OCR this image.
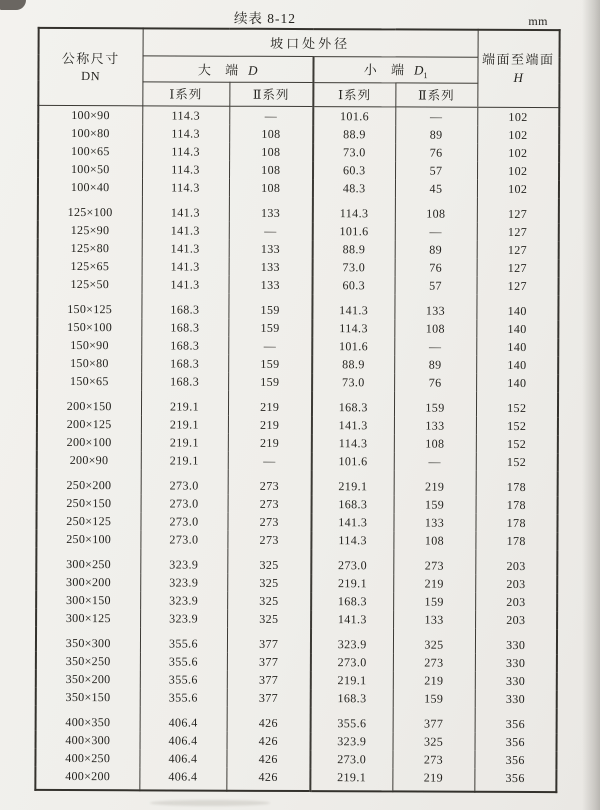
续表 8-12	mm
公称尺寸
DN	坡口处外径				端面至端面
H

	大 端 D		小 端 $D_1$
	Ⅰ系列	Ⅱ系列	Ⅰ系列	Ⅱ系列	
100×90	114.3	—	101.6	—	102
100×80	114.3	108	88.9	89	102
100×65	114.3	108	73.0	76	102
100×50	114.3	108	60.3	57	102
100×40	114.3	108	48.3	45	102
125×100	141.3	133	114.3	108	127
125×90	141.3	—	101.6	—	127
125×80	141.3	133	88.9	89	127
125×65	141.3	133	73.0	76	127
125×50	141.3	133	60.3	57	127
150×125	168.3	159	141.3	133	140
150×100	168.3	159	114.3	108	140
150×90	168.3	—	101.6	—	140
150×80	168.3	159	88.9	89	140
150×65	168.3	159	73.0	76	140
200×150	219.1	219	168.3	159	152
200×125	219.1	219	141.3	133	152
200×100	219.1	219	114.3	108	152
200×90	219.1	—	101.6	—	152
250×200	273.0	273	219.1	219	178
250×150	273.0	273	168.3	159	178
250×125	273.0	273	141.3	133	178
250×100	273.0	273	114.3	108	178
300×250	323.9	325	273.0	273	203
300×200	323.9	325	219.1	219	203
300×150	323.9	325	168.3	159	203
300×125	323.9	325	141.3	133	203
350×300	355.6	377	323.9	325	330
350×250	355.6	377	273.0	273	330
350×200	355.6	377	219.1	219	330
350×150	355.6	377	168.3	159	330
400×350	406.4	426	355.6	377	356
400×300	406.4	426	323.9	325	356
400×250	406.4	426	273.0	273	356
400×200	406.4	426	219.1	219	356
